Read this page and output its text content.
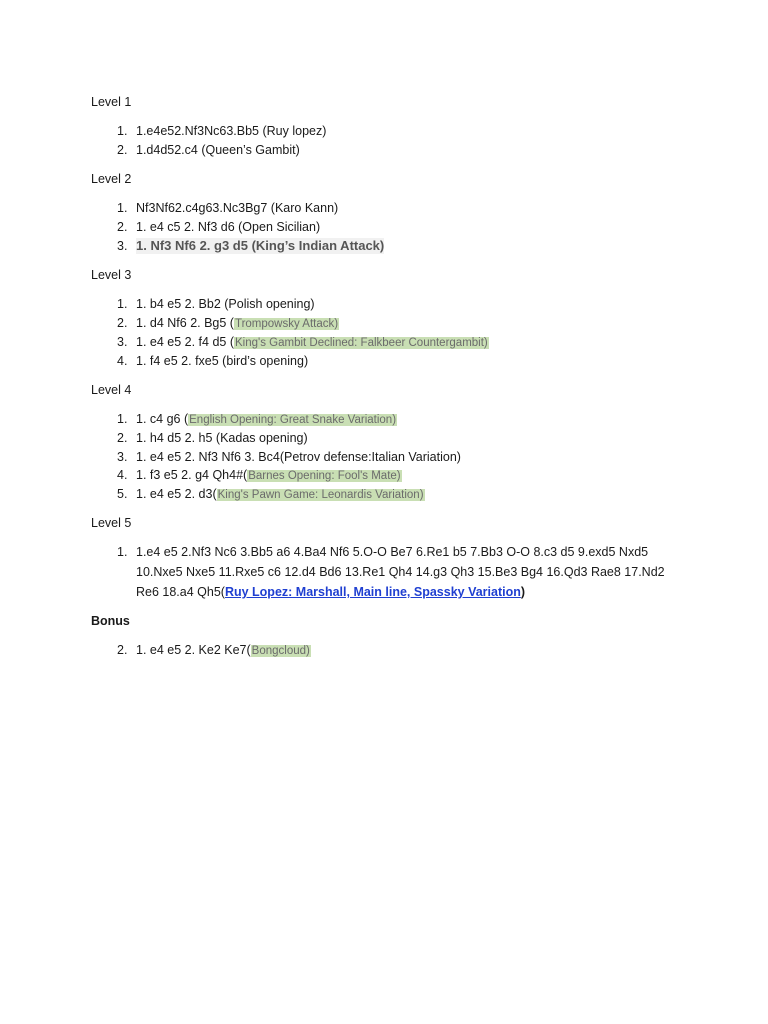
Level 1
1. 1.e4e52.Nf3Nc63.Bb5 (Ruy lopez)
2. 1.d4d52.c4 (Queen’s Gambit)
Level 2
1. Nf3Nf62.c4g63.Nc3Bg7 (Karo Kann)
2. 1. e4 c5 2. Nf3 d6 (Open Sicilian)
3. 1. Nf3 Nf6 2. g3 d5 (King’s Indian Attack)
Level 3
1. 1. b4 e5 2. Bb2 (Polish opening)
2. 1. d4 Nf6 2. Bg5 (Trompowsky Attack)
3. 1. e4 e5 2. f4 d5 (King's Gambit Declined: Falkbeer Countergambit)
4. 1. f4 e5 2. fxe5 (bird’s opening)
Level 4
1. 1. c4 g6 (English Opening: Great Snake Variation)
2. 1. h4 d5 2. h5 (Kadas opening)
3. 1. e4 e5 2. Nf3 Nf6 3. Bc4(Petrov defense:Italian Variation)
4. 1. f3 e5 2. g4 Qh4#(Barnes Opening: Fool's Mate)
5. 1. e4 e5 2. d3(King's Pawn Game: Leonardis Variation)
Level 5
1. 1.e4 e5 2.Nf3 Nc6 3.Bb5 a6 4.Ba4 Nf6 5.O-O Be7 6.Re1 b5 7.Bb3 O-O 8.c3 d5 9.exd5 Nxd5 10.Nxe5 Nxe5 11.Rxe5 c6 12.d4 Bd6 13.Re1 Qh4 14.g3 Qh3 15.Be3 Bg4 16.Qd3 Rae8 17.Nd2 Re6 18.a4 Qh5(Ruy Lopez: Marshall, Main line, Spassky Variation)
Bonus
2. 1. e4 e5 2. Ke2 Ke7(Bongcloud)
